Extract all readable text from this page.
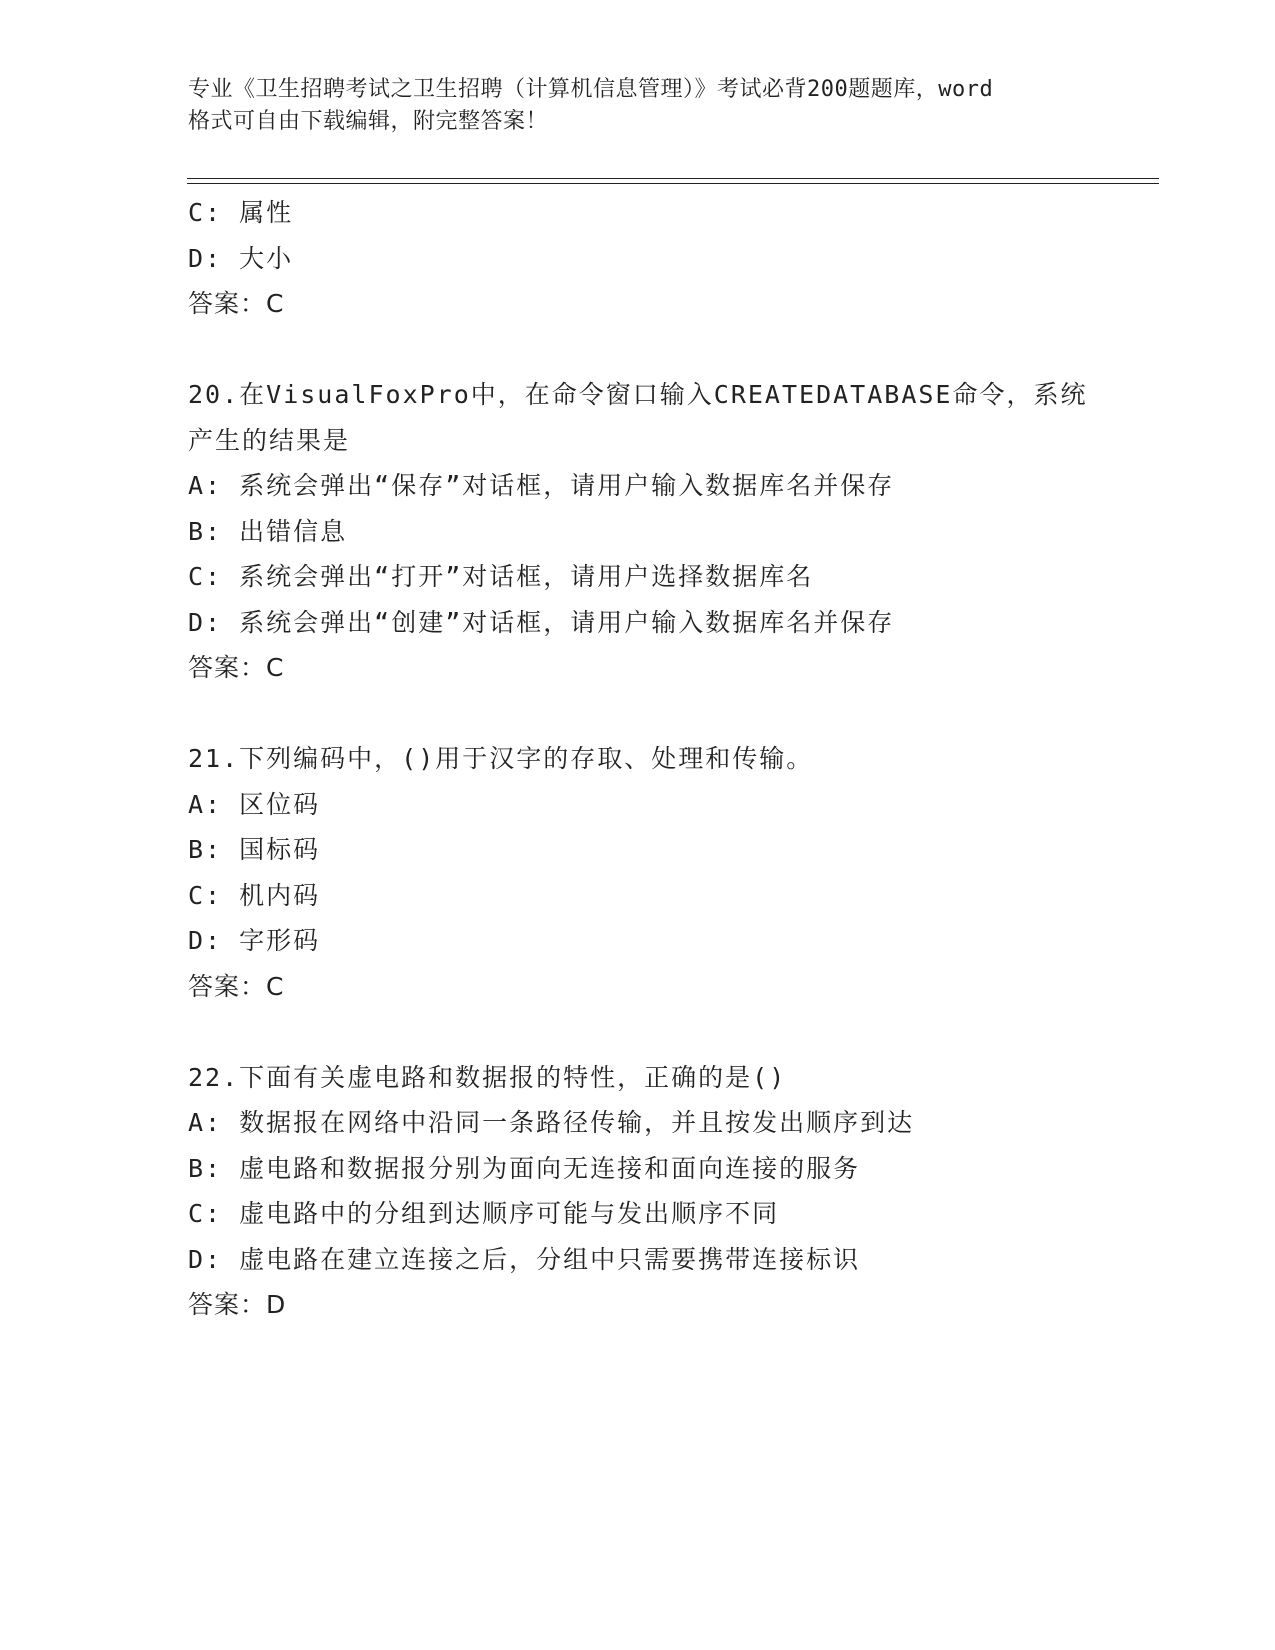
专业《卫生招聘考试之卫生招聘（计算机信息管理）》考试必背200题题库，word
格式可自由下载编辑，附完整答案！
C: 属性
D: 大小
答案：C
20.在VisualFoxPro中，在命令窗口输入CREATEDATABASE命令，系统
产生的结果是
A: 系统会弹出“保存”对话框，请用户输入数据库名并保存
B: 出错信息
C: 系统会弹出“打开”对话框，请用户选择数据库名
D: 系统会弹出“创建”对话框，请用户输入数据库名并保存
答案：C
21.下列编码中，()用于汉字的存取、处理和传输。
A: 区位码
B: 国标码
C: 机内码
D: 字形码
答案：C
22.下面有关虚电路和数据报的特性，正确的是()
A: 数据报在网络中沿同一条路径传输，并且按发出顺序到达
B: 虚电路和数据报分别为面向无连接和面向连接的服务
C: 虚电路中的分组到达顺序可能与发出顺序不同
D: 虚电路在建立连接之后，分组中只需要携带连接标识
答案：D
